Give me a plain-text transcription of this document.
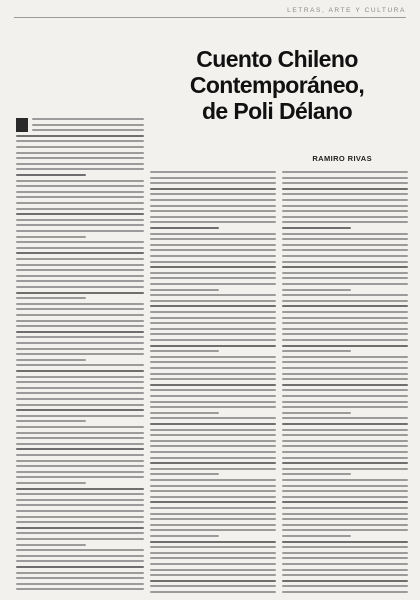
LETRAS, ARTE Y CULTURA
Cuento Chileno
Contemporáneo,
de Poli Délano
RAMIRO RIVAS
